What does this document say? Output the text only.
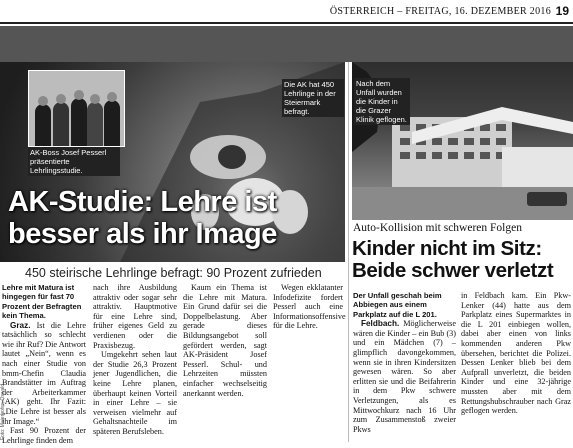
ÖSTERREICH – FREITAG, 16. DEZEMBER 2016 19
AK-Boss Josef Pesserl präsentierte Lehrlingsstudie.
Die AK hat 450 Lehrlinge in der Steiermark befragt.
AK-Studie: Lehre ist
besser als ihr Image
450 steirische Lehrlinge befragt: 90 Prozent zufrieden

Lehre mit Matura ist hingegen für fast 70 Prozent der Befragten kein Thema.

Graz. Ist die Lehre tatsächlich so schlecht wie ihr Ruf? Die Antwort lautet „Nein“, wenn es nach einer Studie von bmm-Chefin Claudia Brandstätter im Auftrag der Arbeiterkammer (AK) geht. Ihr Fazit: „Die Lehre ist besser als ihr Image.“

Fast 90 Prozent der Lehrlinge finden dem

nach ihre Ausbildung attraktiv oder sogar sehr attraktiv. Hauptmotive für eine Lehre sind, früher eigenes Geld zu verdienen oder die Praxisbezug.

Umgekehrt sehen laut der Studie 26,3 Prozent jener Jugendlichen, die keine Lehre planen, überhaupt keinen Vorteil in einer Lehre – sie verweisen vielmehr auf Gehaltsnachteile im späteren Berufsleben.

Kaum ein Thema ist die Lehre mit Matura. Ein Grund dafür sei die Doppelbelastung. Aber gerade dieses Bildungsangebot soll gefördert werden, sagt AK-Präsident Josef Pesserl. Schul- und Lehrzeiten müssten einfacher wechselseitig anerkannt werden.

Wegen ekklatanter Infodefizite fordert Pesserl auch eine Informationsoffensive für die Lehre.

Foto: Maierhofer; Oswald
Nach dem Unfall wurden die Kinder in die Grazer Klinik geflogen.
Auto-Kollision mit schweren Folgen
Kinder nicht im Sitz:
Beide schwer verletzt

Der Unfall geschah beim Abbiegen aus einem Parkplatz auf die L 201.

Feldbach. Möglicherweise wären die Kinder – ein Bub (3) und ein Mädchen (7) – glimpflich davongekommen, wenn sie in ihren Kindersitzen gewesen wären. So aber erlitten sie und die Beifahrerin in dem Pkw schwere Verletzungen, als es Mittwochkurz nach 16 Uhr zum Zusammenstoß zweier Pkws

in Feldbach kam. Ein Pkw-Lenker (44) hatte aus dem Parkplatz eines Supermarktes in die L 201 einbiegen wollen, dabei aber einen von links kommenden anderen Pkw übersehen, berichtet die Polizei. Dessen Lenker blieb bei dem Aufprall unverletzt, die beiden Kinder und eine 32-jährige mussten aber mit dem Rettungshubschrauber nach Graz geflogen werden.
